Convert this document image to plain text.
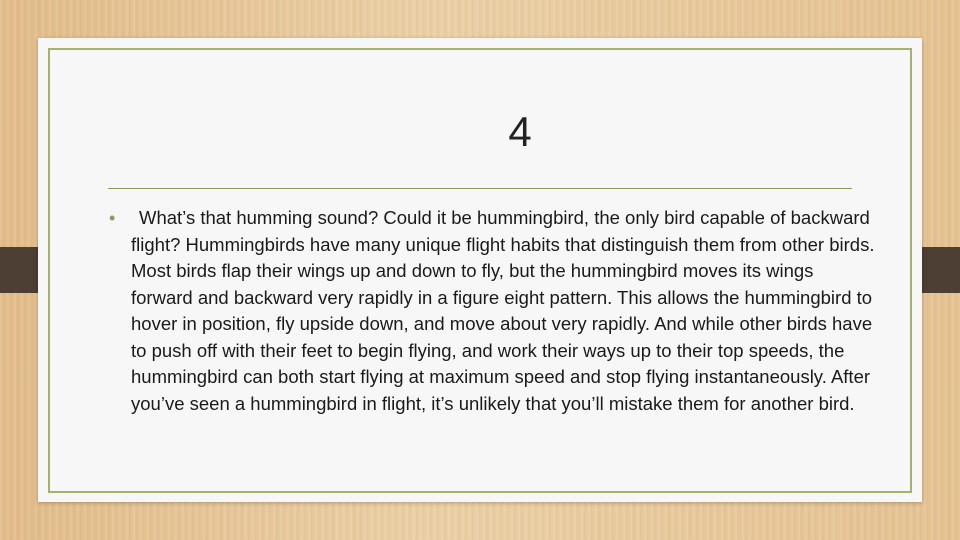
4
•	What’s that humming sound? Could it be hummingbird, the only bird capable of backward flight? Hummingbirds have many unique flight habits that distinguish them from other birds. Most birds flap their wings up and down to fly, but the hummingbird moves its wings forward and backward very rapidly in a figure eight pattern. This allows the hummingbird to hover in position, fly upside down, and move about very rapidly. And while other birds have to push off with their feet to begin flying, and work their ways up to their top speeds, the hummingbird can both start flying at maximum speed and stop flying instantaneously. After you’ve seen a hummingbird in flight, it’s unlikely that you’ll mistake them for another bird.
